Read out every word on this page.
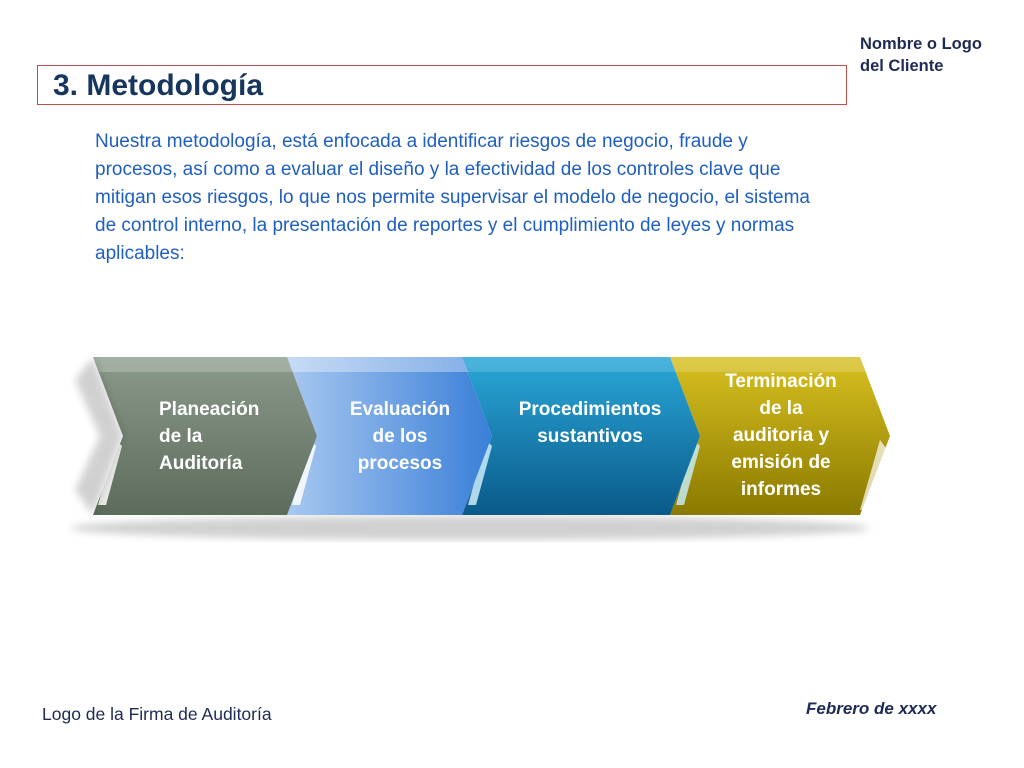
Nombre o Logo
del Cliente

3. Metodología

Nuestra metodología, está enfocada a identificar riesgos de negocio, fraude y procesos, así como a evaluar el diseño y la efectividad de los controles clave que mitigan esos riesgos, lo que nos permite supervisar el modelo de negocio, el sistema de control interno, la presentación de reportes y el cumplimiento de leyes y normas aplicables:

Planeación
de la
Auditoría

Evaluación
de los
procesos

Procedimientos
sustantivos

Terminación
de la
auditoria y
emisión de
informes

Logo de la Firma de Auditoría	Febrero de xxxx
